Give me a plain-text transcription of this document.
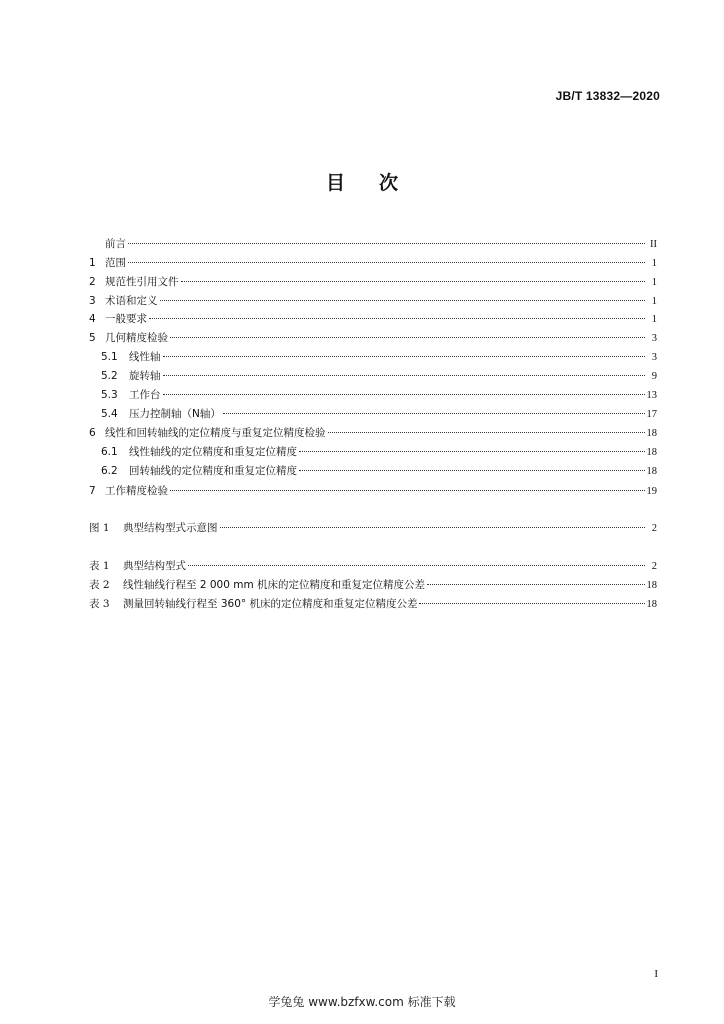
JB/T 13832—2020
目次
前言	II
1 范围	1
2 规范性引用文件	1
3 术语和定义	1
4 一般要求	1
5 几何精度检验	3
5.1	线性轴	3
5.2	旋转轴	9
5.3	工作台	13
5.4	压力控制轴（N轴）	17
6 线性和回转轴线的定位精度与重复定位精度检验	18
6.1	线性轴线的定位精度和重复定位精度	18
6.2	回转轴线的定位精度和重复定位精度	18
7 工作精度检验	19
图 1	典型结构型式示意图	2
表 1	典型结构型式	2
表 2	线性轴线行程至 2 000 mm 机床的定位精度和重复定位精度公差	18
表 3	测量回转轴线行程至 360° 机床的定位精度和重复定位精度公差	18
I
学兔兔 www.bzfxw.com 标准下载
